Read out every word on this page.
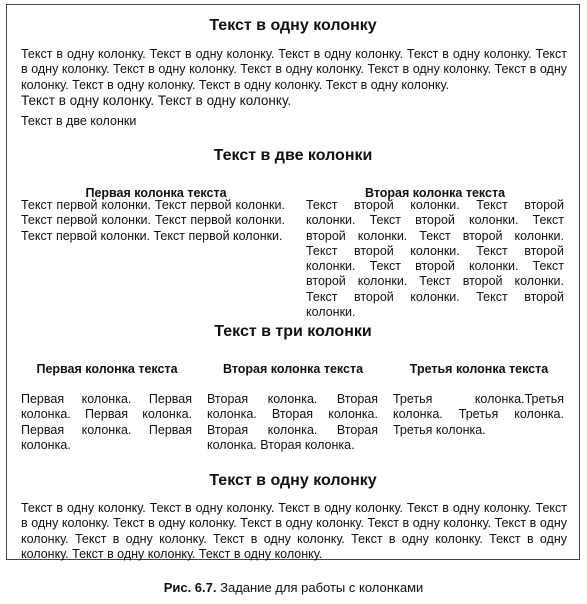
Текст в одну колонку
Текст в одну колонку. Текст в одну колонку. Текст в одну колонку. Текст в одну колонку. Текст в одну колонку. Текст в одну колонку. Текст в одну колонку. Текст в одну колонку. Текст в одну колонку. Текст в одну колонку. Текст в одну колонку. Текст в одну колонку.
Текст в одну колонку. Текст в одну колонку.
Текст в две колонки
Текст в две колонки
Первая колонка текста	Вторая колонка текста
Текст первой колонки. Текст первой колонки. Текст первой колонки. Текст первой колонки. Текст первой колонки. Текст первой колонки.
Текст второй колонки. Текст второй колонки. Текст второй колонки. Текст второй колонки. Текст второй колонки. Текст второй колонки. Текст второй колонки. Текст второй колонки. Текст второй колонки. Текст второй колонки. Текст второй колонки. Текст второй колонки.
Текст в три колонки
Первая колонка текста	Вторая колонка текста	Третья колонка текста
Первая колонка. Первая колонка. Первая колонка. Первая колонка. Первая колонка.
Вторая колонка. Вторая колонка. Вторая колонка. Вторая колонка. Вторая колонка. Вторая колонка.
Третья колонка.Третья колонка. Третья колонка. Третья колонка.
Текст в одну колонку
Текст в одну колонку. Текст в одну колонку. Текст в одну колонку. Текст в одну колонку. Текст в одну колонку. Текст в одну колонку. Текст в одну колонку. Текст в одну колонку. Текст в одну колонку. Текст в одну колонку. Текст в одну колонку. Текст в одну колонку. Текст в одну колонку. Текст в одну колонку. Текст в одну колонку.
Рис. 6.7. Задание для работы с колонками
